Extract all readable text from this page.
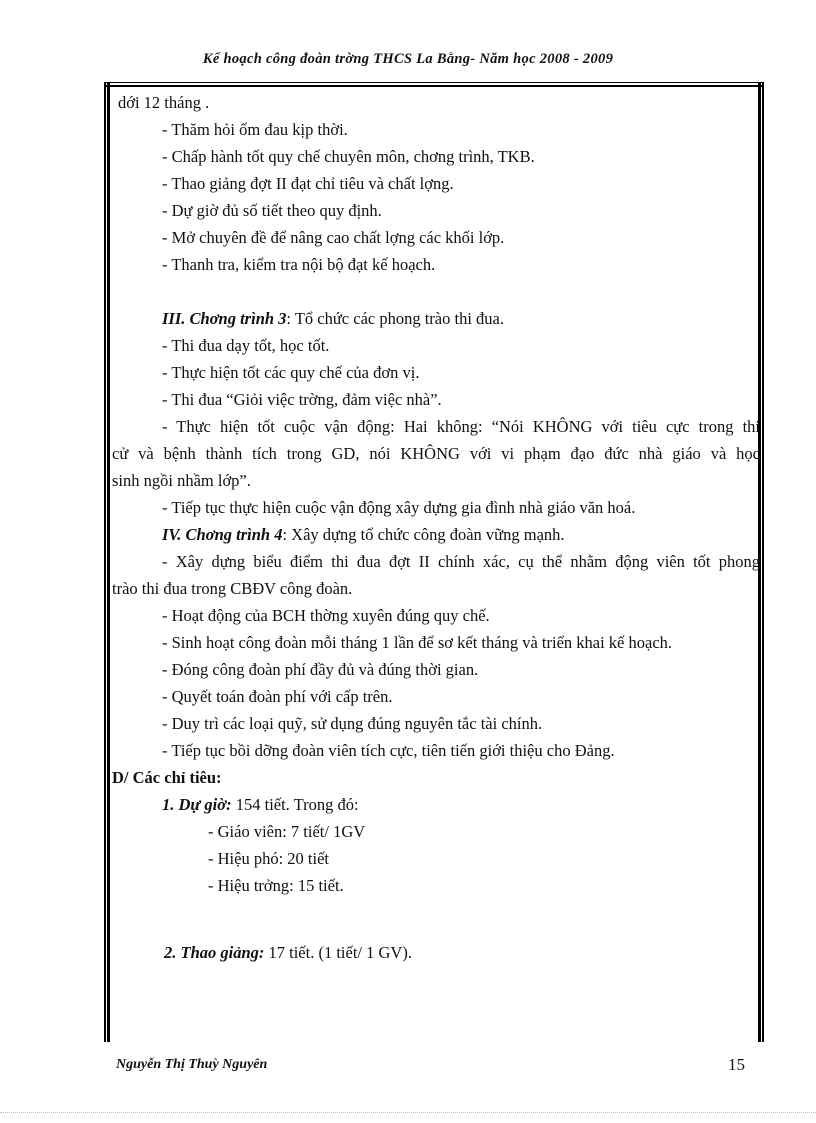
Kế hoạch công đoàn trờng THCS La Bằng- Năm học 2008 - 2009
dới 12 tháng .
- Thăm hỏi ốm đau kịp thời.
- Chấp hành tốt quy chế chuyên môn, chơng trình, TKB.
- Thao giảng đợt II đạt chỉ tiêu và chất lợng.
- Dự giờ đủ số tiết theo quy định.
- Mở chuyên đề để nâng cao chất lợng các khối lớp.
- Thanh tra, kiểm tra nội bộ đạt kế hoạch.
III. Chơng trình 3: Tổ chức các phong trào thi đua.
- Thi đua dạy tốt, học tốt.
- Thực hiện tốt các quy chế của đơn vị.
- Thi đua “Giỏi việc trờng, đảm việc nhà”.
- Thực hiện tốt cuộc vận động: Hai không: “Nói KHÔNG với tiêu cực trong thi
cử và bệnh thành tích trong GD, nói KHÔNG với vi phạm đạo đức nhà giáo và học
sinh ngồi nhầm lớp”.
- Tiếp tục thực hiện cuộc vận động xây dựng gia đình nhà giáo văn hoá.
IV. Chơng trình 4: Xây dựng tổ chức công đoàn vững mạnh.
- Xây dựng biểu điểm thi đua đợt II chính xác, cụ thể nhằm động viên tốt phong
trào thi đua trong CBĐV công đoàn.
- Hoạt động của BCH thờng xuyên đúng quy chế.
- Sinh hoạt công đoàn mỗi tháng 1 lần để sơ kết tháng và triển khai kế hoạch.
- Đóng công đoàn phí đầy đủ và đúng thời gian.
- Quyết toán đoàn phí với cấp trên.
- Duy trì các loại quỹ, sử dụng đúng nguyên tắc tài chính.
- Tiếp tục bồi dỡng đoàn viên tích cực, tiên tiến giới thiệu cho Đảng.
D/ Các chỉ tiêu:
1. Dự giờ: 154 tiết. Trong đó:
- Giáo viên: 7 tiết/ 1GV
- Hiệu phó: 20 tiết
- Hiệu trởng: 15 tiết.
2. Thao giảng: 17 tiết. (1 tiết/ 1 GV).
Nguyễn Thị Thuỳ Nguyên	15
